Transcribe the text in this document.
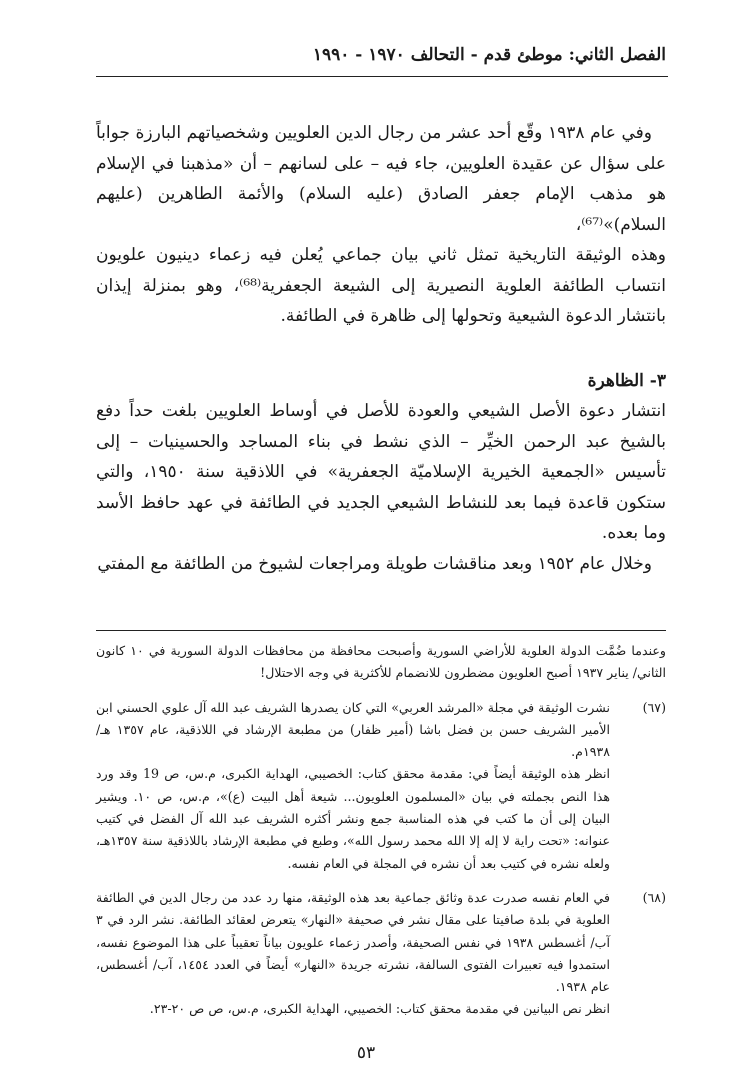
الفصل الثاني: موطئ قدم - التحالف ١٩٧٠ - ١٩٩٠

وفي عام ١٩٣٨ وقّع أحد عشر من رجال الدين العلويين وشخصياتهم البارزة جواباً على سؤال عن عقيدة العلويين، جاء فيه – على لسانهم – أن «مذهبنا في الإسلام هو مذهب الإمام جعفر الصادق (عليه السلام) والأئمة الطاهرين (عليهم السلام)»⁽⁶⁷⁾،

وهذه الوثيقة التاريخية تمثل ثاني بيان جماعي يُعلن فيه زعماء دينيون علويون انتساب الطائفة العلوية النصيرية إلى الشيعة الجعفرية⁽⁶⁸⁾، وهو بمنزلة إيذان بانتشار الدعوة الشيعية وتحولها إلى ظاهرة في الطائفة.

٣- الظاهرة

انتشار دعوة الأصل الشيعي والعودة للأصل في أوساط العلويين بلغت حداً دفع بالشيخ عبد الرحمن الخيِّر – الذي نشط في بناء المساجد والحسينيات – إلى تأسيس «الجمعية الخيرية الإسلاميّة الجعفرية» في اللاذقية سنة ١٩٥٠، والتي ستكون قاعدة فيما بعد للنشاط الشيعي الجديد في الطائفة في عهد حافظ الأسد وما بعده.

وخلال عام ١٩٥٢ وبعد مناقشات طويلة ومراجعات لشيوخ من الطائفة مع المفتي

وعندما ضُمَّت الدولة العلوية للأراضي السورية وأصبحت محافظة من محافظات الدولة السورية في ١٠ كانون الثاني/ يناير ١٩٣٧ أصبح العلويون مضطرون للانضمام للأكثرية في وجه الاحتلال!

(٦٧)

نشرت الوثيقة في مجلة «المرشد العربي» التي كان يصدرها الشريف عبد الله آل علوي الحسني ابن الأمير الشريف حسن بن فضل باشا (أمير ظفار) من مطبعة الإرشاد في اللاذقية، عام ١٣٥٧ هـ/١٩٣٨م.

انظر هذه الوثيقة أيضاً في: مقدمة محقق كتاب: الخصيبي، الهداية الكبرى، م.س، ص 19 وقد ورد هذا النص بجملته في بيان «المسلمون العلويون... شيعة أهل البيت (ع)»، م.س، ص ١٠. ويشير البيان إلى أن ما كتب في هذه المناسبة جمع ونشر أكثره الشريف عبد الله آل الفضل في كتيب عنوانه: «تحت راية لا إله إلا الله محمد رسول الله»، وطبع في مطبعة الإرشاد باللاذقية سنة ١٣٥٧هـ، ولعله نشره في كتيب بعد أن نشره في المجلة في العام نفسه.

(٦٨)

في العام نفسه صدرت عدة وثائق جماعية بعد هذه الوثيقة، منها رد عدد من رجال الدين في الطائفة العلوية في بلدة صافيتا على مقال نشر في صحيفة «النهار» يتعرض لعقائد الطائفة. نشر الرد في ٣ آب/ أغسطس ١٩٣٨ في نفس الصحيفة، وأصدر زعماء علويون بياناً تعقيباً على هذا الموضوع نفسه، استمدوا فيه تعبيرات الفتوى السالفة، نشرته جريدة «النهار» أيضاً في العدد ١٤٥٤، آب/ أغسطس، عام ١٩٣٨.

انظر نص البيانين في مقدمة محقق كتاب: الخصيبي، الهداية الكبرى، م.س، ص ص ٢٠-٢٣.

٥٣
